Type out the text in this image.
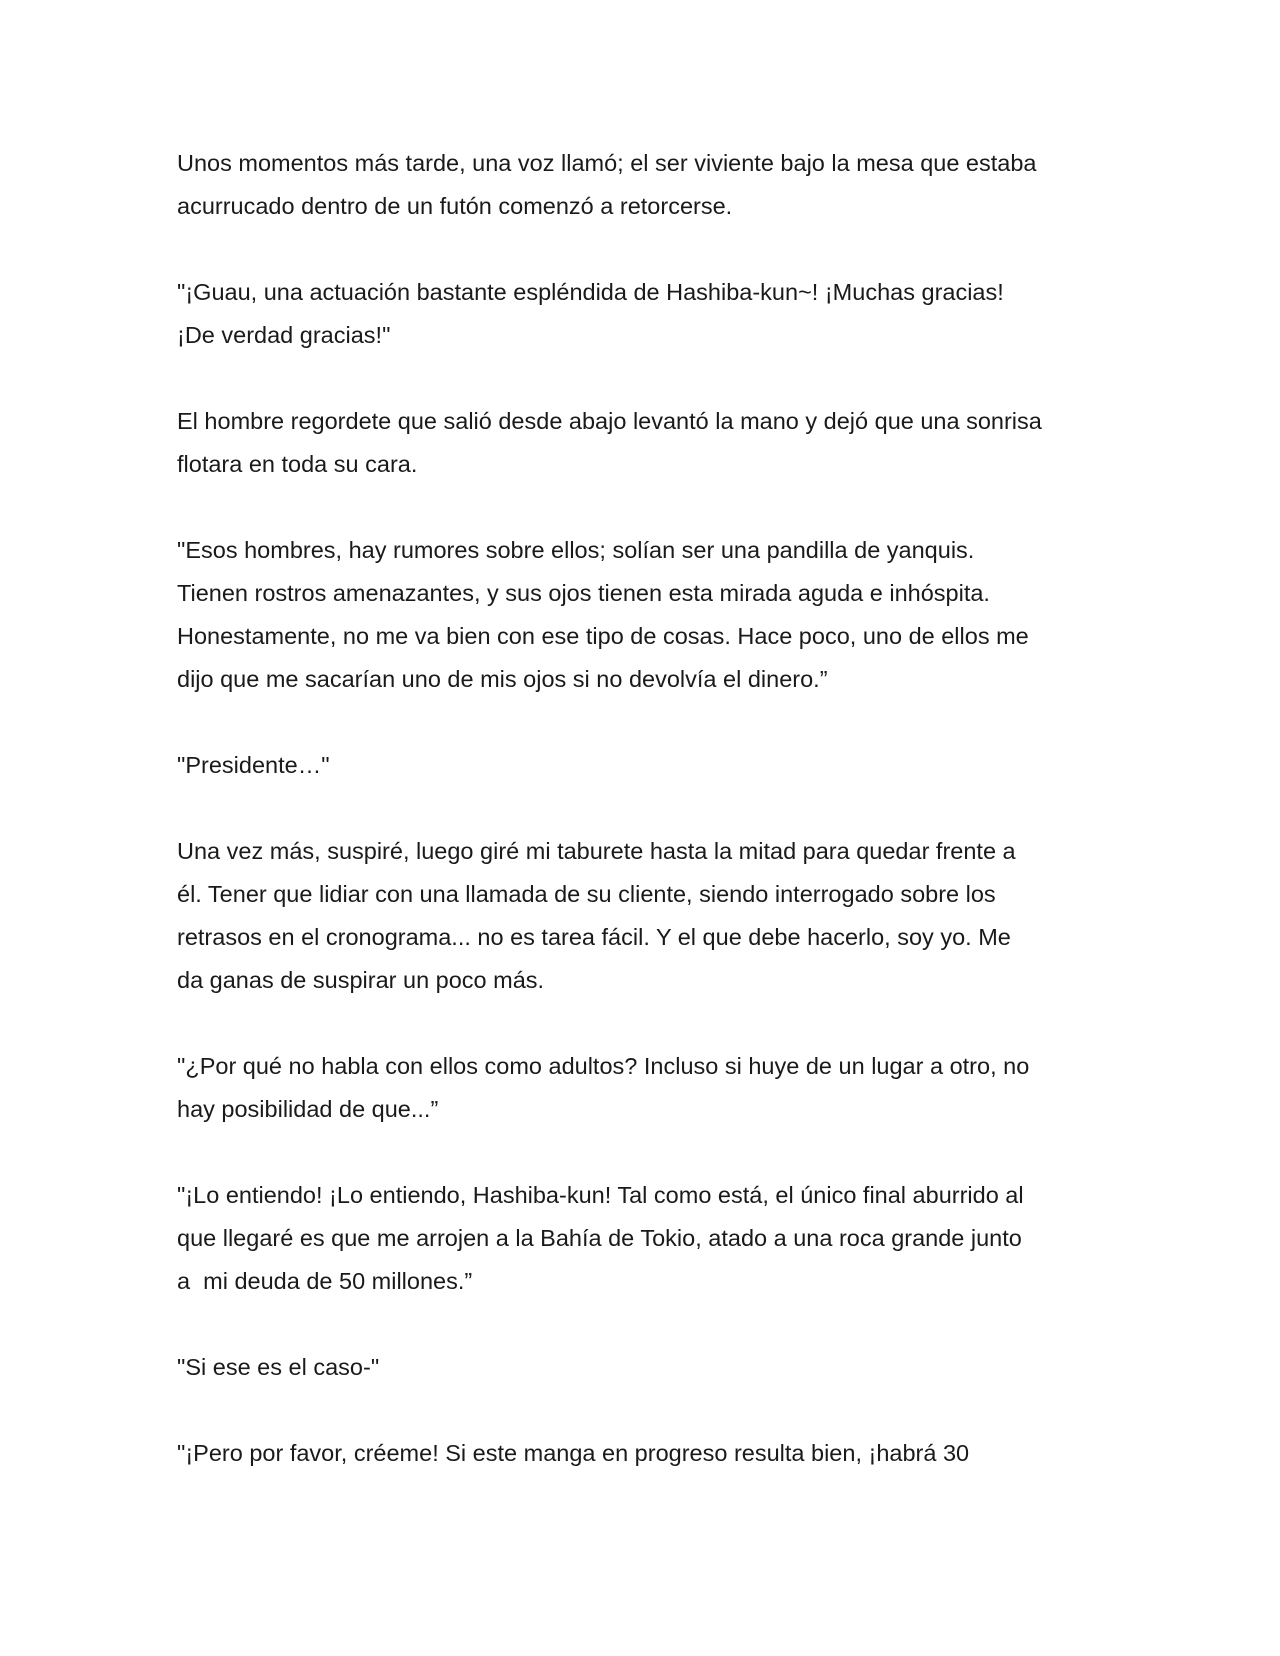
Unos momentos más tarde, una voz llamó; el ser viviente bajo la mesa que estaba
acurrucado dentro de un futón comenzó a retorcerse.

"¡Guau, una actuación bastante espléndida de Hashiba-kun~! ¡Muchas gracias!
¡De verdad gracias!"

El hombre regordete que salió desde abajo levantó la mano y dejó que una sonrisa
flotara en toda su cara.

"Esos hombres, hay rumores sobre ellos; solían ser una pandilla de yanquis.
Tienen rostros amenazantes, y sus ojos tienen esta mirada aguda e inhóspita.
Honestamente, no me va bien con ese tipo de cosas. Hace poco, uno de ellos me
dijo que me sacarían uno de mis ojos si no devolvía el dinero.”

"Presidente…"

Una vez más, suspiré, luego giré mi taburete hasta la mitad para quedar frente a
él. Tener que lidiar con una llamada de su cliente, siendo interrogado sobre los
retrasos en el cronograma... no es tarea fácil. Y el que debe hacerlo, soy yo. Me
da ganas de suspirar un poco más.

"¿Por qué no habla con ellos como adultos? Incluso si huye de un lugar a otro, no
hay posibilidad de que...”

"¡Lo entiendo! ¡Lo entiendo, Hashiba-kun! Tal como está, el único final aburrido al
que llegaré es que me arrojen a la Bahía de Tokio, atado a una roca grande junto
a  mi deuda de 50 millones.”

"Si ese es el caso-"

"¡Pero por favor, créeme! Si este manga en progreso resulta bien, ¡habrá 30
